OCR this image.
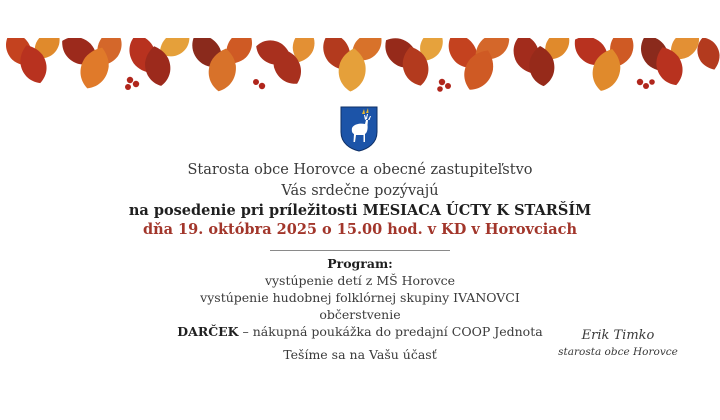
Starosta obce Horovce a obecné zastupiteľstvo
Vás srdečne pozývajú
na posedenie pri príležitosti MESIACA ÚCTY K STARŠÍM
dňa 19. októbra 2025 o 15.00 hod. v KD v Horovciach
Program:
vystúpenie detí z MŠ Horovce
vystúpenie hudobnej folklórnej skupiny IVANOVCI
občerstvenie
DARČEK – nákupná poukážka do predajní COOP Jednota
Tešíme sa na Vašu účasť
Erik Timko
starosta obce Horovce
